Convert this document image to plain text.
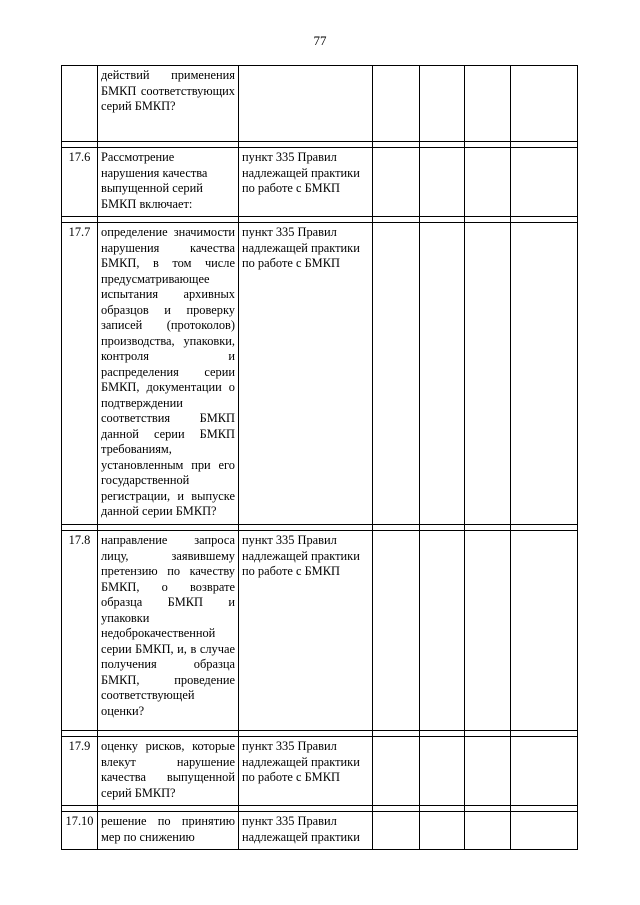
77
	действий применения БМКП соответствующих серий БМКП?					

17.6	Рассмотрение нарушения качества выпущенной серий БМКП включает:	пункт 335 Правил надлежащей практики по работе с БМКП				

17.7	определение значимости нарушения качества БМКП, в том числе предусматривающее испытания архивных образцов и проверку записей (протоколов) производства, упаковки, контроля и распределения серии БМКП, документации о подтверждении соответствия БМКП данной серии БМКП требованиям, установленным при его государственной регистрации, и выпуске данной серии БМКП?	пункт 335 Правил надлежащей практики по работе с БМКП				

17.8	направление запроса лицу, заявившему претензию по качеству БМКП, о возврате образца БМКП и упаковки недоброкачественной серии БМКП, и, в случае получения образца БМКП, проведение соответствующей оценки?	пункт 335 Правил надлежащей практики по работе с БМКП				

17.9	оценку рисков, которые влекут нарушение качества выпущенной серий БМКП?	пункт 335 Правил надлежащей практики по работе с БМКП				

17.10	решение по принятию мер по снижению	пункт 335 Правил надлежащей практики				
